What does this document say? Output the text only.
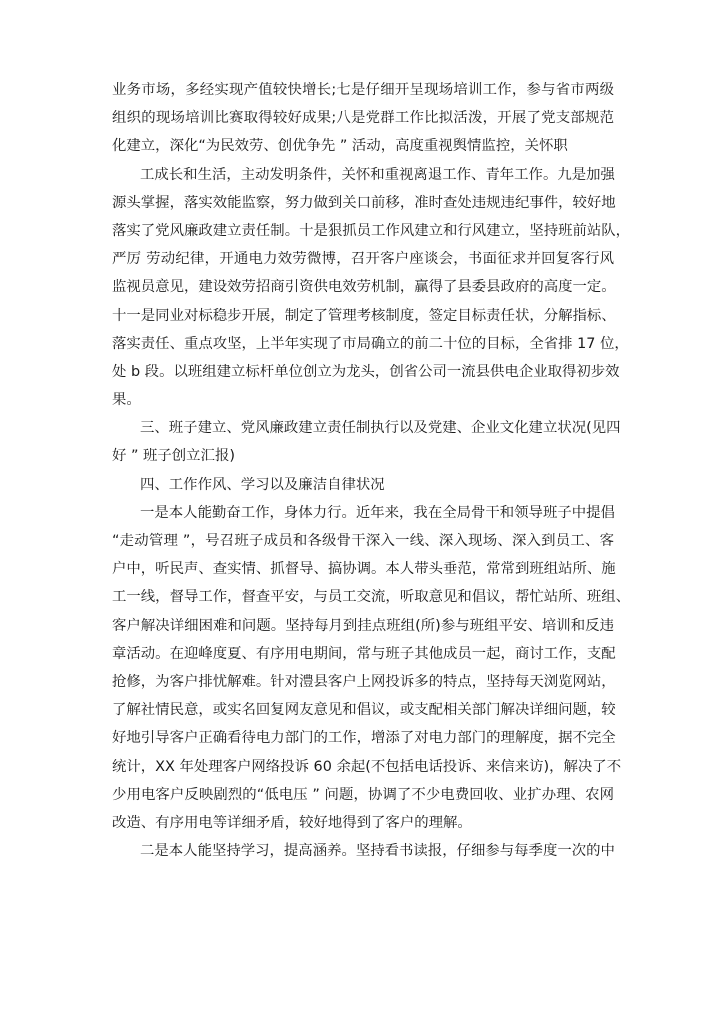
业务市场，多经实现产值较快增长;七是仔细开呈现场培训工作，参与省市两级
组织的现场培训比赛取得较好成果;八是党群工作比拟活泼，开展了党支部规范
化建立，深化“为民效劳、创优争先 ” 活动，高度重视舆情监控，关怀职
工成长和生活，主动发明条件，关怀和重视离退工作、青年工作。九是加强
源头掌握，落实效能监察，努力做到关口前移，准时查处违规违纪事件，较好地
落实了党风廉政建立责任制。十是狠抓员工作风建立和行风建立，坚持班前站队，
严厉 劳动纪律，开通电力效劳微博，召开客户座谈会，书面征求并回复客行风
监视员意见，建设效劳招商引资供电效劳机制，赢得了县委县政府的高度一定。
十一是同业对标稳步开展，制定了管理考核制度，签定目标责任状，分解指标、
落实责任、重点攻坚，上半年实现了市局确立的前二十位的目标，全省排 17 位，
处 b 段。以班组建立标杆单位创立为龙头，创省公司一流县供电企业取得初步效
果。
三、班子建立、党风廉政建立责任制执行以及党建、企业文化建立状况(见四
好 ” 班子创立汇报)
四、工作作风、学习以及廉洁自律状况
一是本人能勤奋工作，身体力行。近年来，我在全局骨干和领导班子中提倡
“走动管理 ”，号召班子成员和各级骨干深入一线、深入现场、深入到员工、客
户中，听民声、查实情、抓督导、搞协调。本人带头垂范，常常到班组站所、施
工一线，督导工作，督查平安，与员工交流，听取意见和倡议，帮忙站所、班组、
客户解决详细困难和问题。坚持每月到挂点班组(所)参与班组平安、培训和反违
章活动。在迎峰度夏、有序用电期间，常与班子其他成员一起，商讨工作，支配
抢修，为客户排忧解难。针对澧县客户上网投诉多的特点，坚持每天浏览网站，
了解社情民意，或实名回复网友意见和倡议，或支配相关部门解决详细问题，较
好地引导客户正确看待电力部门的工作，增添了对电力部门的理解度，据不完全
统计，XX 年处理客户网络投诉 60 余起(不包括电话投诉、来信来访)，解决了不
少用电客户反映剧烈的“低电压 ” 问题，协调了不少电费回收、业扩办理、农网
改造、有序用电等详细矛盾，较好地得到了客户的理解。
二是本人能坚持学习，提高涵养。坚持看书读报，仔细参与每季度一次的中
